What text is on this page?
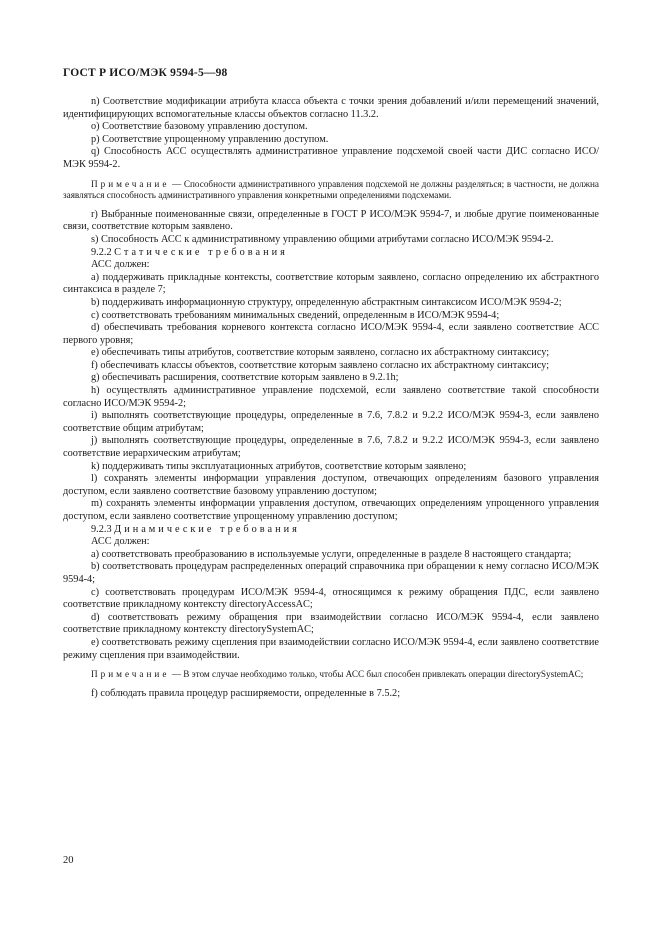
ГОСТ Р ИСО/МЭК 9594-5—98

n) Соответствие модификации атрибута класса объекта с точки зрения добавлений и/или перемещений значений, идентифицирующих вспомогательные классы объектов согласно 11.3.2.

o) Соответствие базовому управлению доступом.

p) Соответствие упрощенному управлению доступом.

q) Способность АСС осуществлять административное управление подсхемой своей части ДИС согласно ИСО/МЭК 9594-2.

Примечание — Способности административного управления подсхемой не должны разделяться; в частности, не должна заявляться способность административного управления конкретными определениями подсхемами.

r) Выбранные поименованные связи, определенные в ГОСТ Р ИСО/МЭК 9594-7, и любые другие поименованные связи, соответствие которым заявлено.

s) Способность АСС к административному управлению общими атрибутами согласно ИСО/МЭК 9594-2.

9.2.2 Статические требования

АСС должен:

a) поддерживать прикладные контексты, соответствие которым заявлено, согласно определению их абстрактного синтаксиса в разделе 7;

b) поддерживать информационную структуру, определенную абстрактным синтаксисом ИСО/МЭК 9594-2;

c) соответствовать требованиям минимальных сведений, определенным в ИСО/МЭК 9594-4;

d) обеспечивать требования корневого контекста согласно ИСО/МЭК 9594-4, если заявлено соответствие АСС первого уровня;

e) обеспечивать типы атрибутов, соответствие которым заявлено, согласно их абстрактному синтаксису;

f) обеспечивать классы объектов, соответствие которым заявлено согласно их абстрактному синтаксису;

g) обеспечивать расширения, соответствие которым заявлено в 9.2.1h;

h) осуществлять административное управление подсхемой, если заявлено соответствие такой способности согласно ИСО/МЭК 9594-2;

i) выполнять соответствующие процедуры, определенные в 7.6, 7.8.2 и 9.2.2 ИСО/МЭК 9594-3, если заявлено соответствие общим атрибутам;

j) выполнять соответствующие процедуры, определенные в 7.6, 7.8.2 и 9.2.2 ИСО/МЭК 9594-3, если заявлено соответствие иерархическим атрибутам;

k) поддерживать типы эксплуатационных атрибутов, соответствие которым заявлено;

l) сохранять элементы информации управления доступом, отвечающих определениям базового управления доступом, если заявлено соответствие базовому управлению доступом;

m) сохранять элементы информации управления доступом, отвечающих определениям упрощенного управления доступом, если заявлено соответствие упрощенному управлению доступом;

9.2.3 Динамические требования

АСС должен:

a) соответствовать преобразованию в используемые услуги, определенные в разделе 8 настоящего стандарта;

b) соответствовать процедурам распределенных операций справочника при обращении к нему согласно ИСО/МЭК 9594-4;

c) соответствовать процедурам ИСО/МЭК 9594-4, относящимся к режиму обращения ПДС, если заявлено соответствие прикладному контексту directoryAccessAC;

d) соответствовать режиму обращения при взаимодействии согласно ИСО/МЭК 9594-4, если заявлено соответствие прикладному контексту directorySystemAC;

e) соответствовать режиму сцепления при взаимодействии согласно ИСО/МЭК 9594-4, если заявлено соответствие режиму сцепления при взаимодействии.

Примечание — В этом случае необходимо только, чтобы АСС был способен привлекать операции directorySystemAC;

f) соблюдать правила процедур расширяемости, определенные в 7.5.2;

20
